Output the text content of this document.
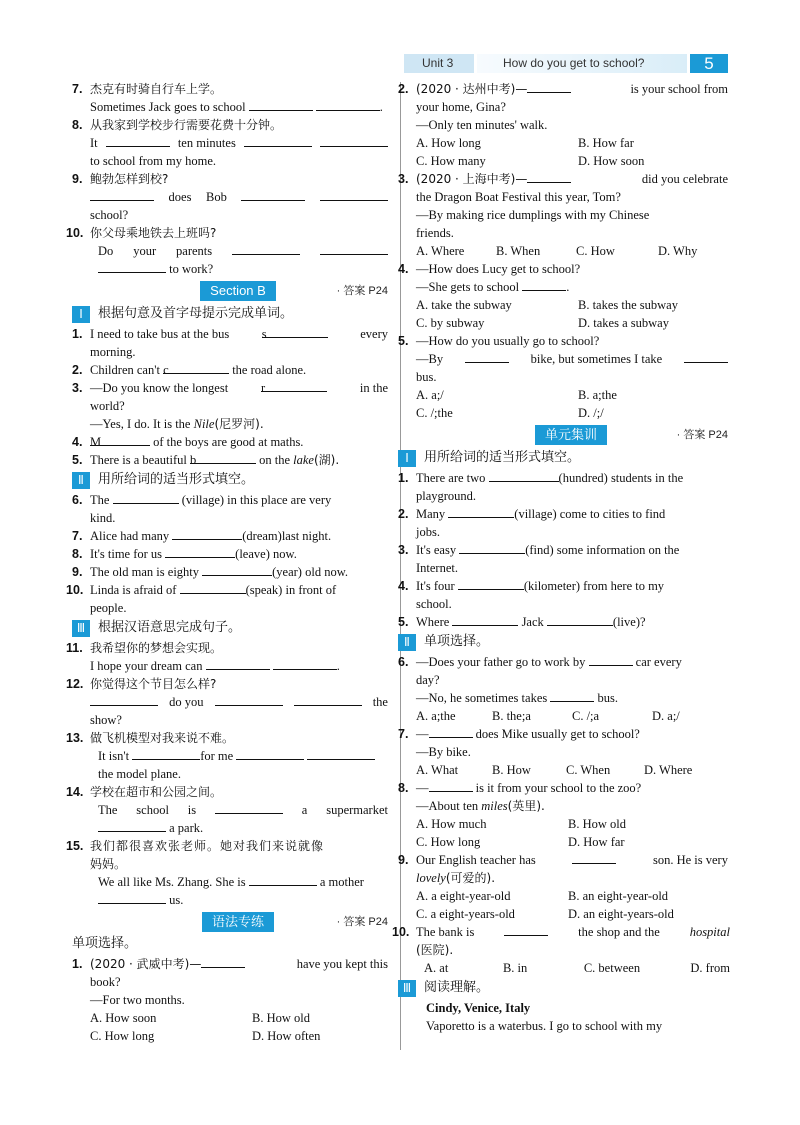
Unit 3	How do you get to school?	5
7. 杰克有时骑自行车上学。
Sometimes Jack goes to school	.
8. 从我家到学校步行需要花费十分钟。
It	ten minutes
to school from my home.
9. 鲍勃怎样到校?
does Bob
school?
10. 你父母乘地铁去上班吗?
Do your parents
to work?
Section B	· 答案 P24
Ⅰ	根据句意及首字母提示完成单词。
1. I need to take bus at the bus	s	every
morning.
2. Children can't c	the road alone.
3. —Do you know the longest	r	in the
world?
—Yes, I do. It is the Nile(尼罗河).
4. M	of the boys are good at maths.
5. There is a beautiful b	on the lake(湖).
Ⅱ	用所给词的适当形式填空。
6. The	(village) in this place are very
kind.
7. Alice had many	(dream)last night.
8. It's time for us	(leave) now.
9. The old man is eighty	(year) old now.
10. Linda is afraid of	(speak) in front of
people.
Ⅲ 根据汉语意思完成句子。
11. 我希望你的梦想会实现。
I hope your dream can	.
12. 你觉得这个节目怎么样?
do you	the
show?
13. 做飞机模型对我来说不难。
It isn't	for me
the model plane.
14. 学校在超市和公园之间。
The school is	a supermarket
a park.
15. 我们都很喜欢张老师。她对我们来说就像
妈妈。
We all like Ms. Zhang. She is	a mother
us.
语法专练	· 答案 P24
单项选择。
1. (2020 · 武威中考)—	have you kept this
book?
—For two months.
A. How soon	B. How old
C. How long	D. How often
2. (2020 · 达州中考)—	is your school from
your home, Gina?
—Only ten minutes' walk.
A. How long	B. How far
C. How many	D. How soon
3. (2020 · 上海中考)—	did you celebrate
the Dragon Boat Festival this year, Tom?
—By making rice dumplings with my Chinese
friends.
A. Where	B. When	C. How	D. Why
4. —How does Lucy get to school?
—She gets to school	.
A. take the subway	B. takes the subway
C. by subway	D. takes a subway
5. —How do you usually go to school?
—By	bike, but sometimes I take
bus.
A. a;/	B. a;the
C. /;the	D. /;/
单元集训	· 答案 P24
Ⅰ	用所给词的适当形式填空。
1. There are two	(hundred) students in the
playground.
2. Many	(village) come to cities to find
jobs.
3. It's easy	(find) some information on the
Internet.
4. It's four	(kilometer) from here to my
school.
5. Where	Jack	(live)?
Ⅱ	单项选择。
6. —Does your father go to work by	car every
day?
—No, he sometimes takes	bus.
A. a;the	B. the;a	C. /;a	D. a;/
7. —	does Mike usually get to school?
—By bike.
A. What	B. How	C. When	D. Where
8. —	is it from your school to the zoo?
—About ten miles(英里).
A. How much	B. How old
C. How long	D. How far
9. Our English teacher has	son. He is very
lovely(可爱的).
A. a eight-year-old	B. an eight-year-old
C. a eight-years-old	D. an eight-years-old
10. The bank is	the shop and the hospital
(医院).
A. at	B. in	C. between	D. from
Ⅲ 阅读理解。
Cindy, Venice, Italy
Vaporetto is a waterbus. I go to school with my
